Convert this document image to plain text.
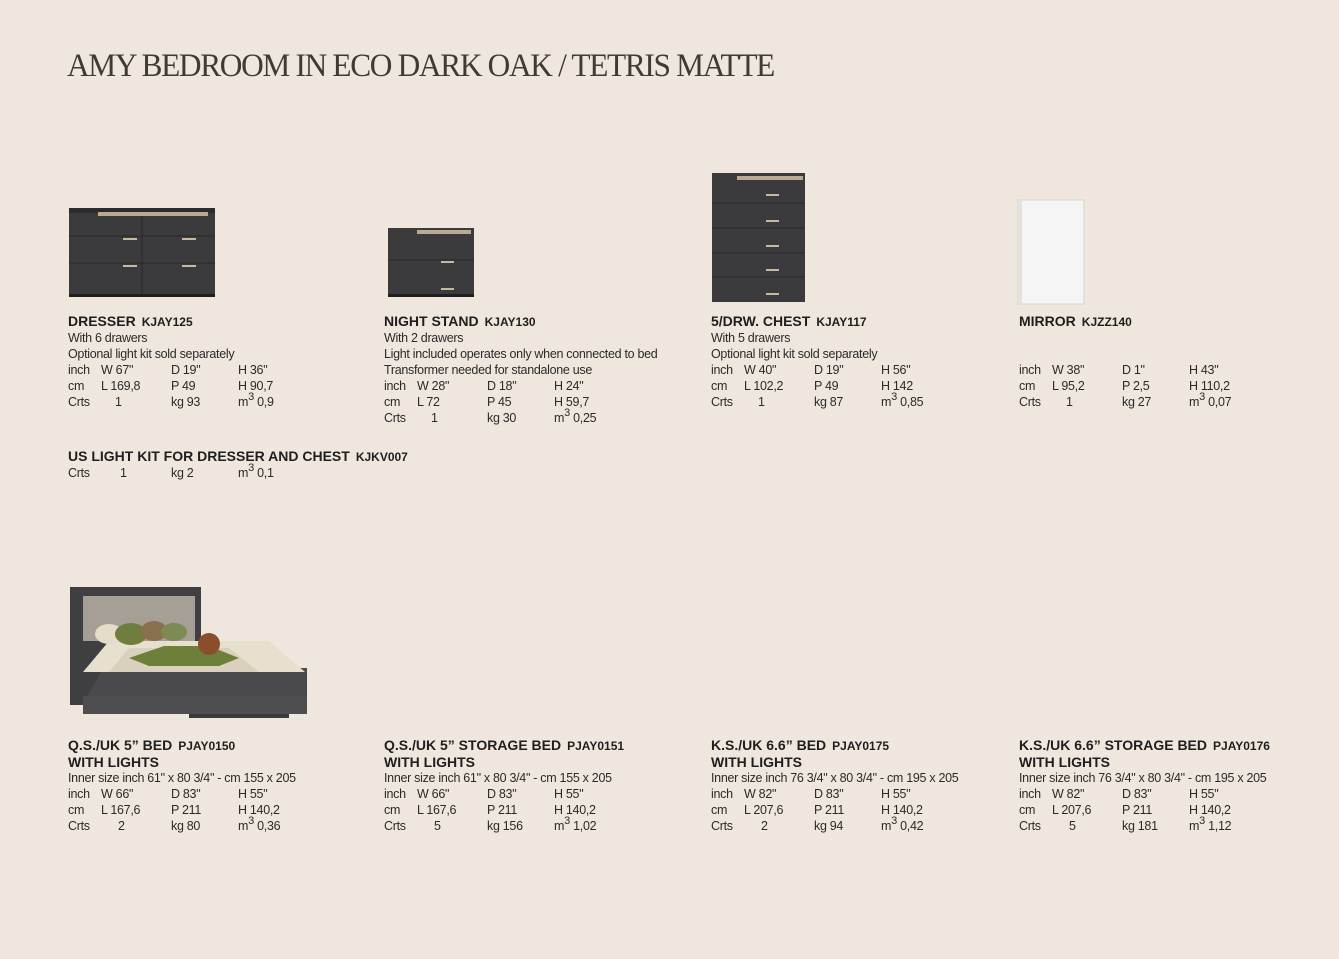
AMY BEDROOM IN ECO DARK OAK / TETRIS MATTE
DRESSER KJAY125
With 6 drawers
Optional light kit sold separately
inch W 67"	D 19"	H 36"
cm L 169,8 P 49	H 90,7
Crts 1	kg 93	$m^3$ 0,9
NIGHT STAND KJAY130
With 2 drawers
Light included operates only when connected to bed
Transformer needed for standalone use
inch W 28"	D 18"	H 24"
cm L 72	P 45	H 59,7
Crts 1	kg 30	$m^3$ 0,25
5/DRW. CHEST KJAY117
With 5 drawers
Optional light kit sold separately
inch W 40"	D 19"	H 56"
cm L 102,2 P 49	H 142
Crts 1	kg 87	$m^3$ 0,85
MIRROR KJZZ140
inch W 38"	D 1"	H 43"
cm L 95,2	P 2,5	H 110,2
Crts 1	kg 27	$m^3$ 0,07
US LIGHT KIT FOR DRESSER AND CHEST KJKV007
Crts 1	kg 2	$m^3$ 0,1
Q.S./UK 5” BED PJAY0150
WITH LIGHTS
Inner size inch 61" x 80 3/4" - cm 155 x 205
inch W 66"	D 83"	H 55"
cm L 167,6 P 211	H 140,2
Crts 2	kg 80	$m^3$ 0,36
Q.S./UK 5” STORAGE BED PJAY0151
WITH LIGHTS
Inner size inch 61" x 80 3/4" - cm 155 x 205
inch W 66"	D 83"	H 55"
cm L 167,6 P 211	H 140,2
Crts 5	kg 156	$m^3$ 1,02
K.S./UK 6.6” BED PJAY0175
WITH LIGHTS
Inner size inch 76 3/4" x 80 3/4" - cm 195 x 205
inch W 82"	D 83"	H 55"
cm L 207,6 P 211	H 140,2
Crts 2	kg 94	$m^3$ 0,42
K.S./UK 6.6” STORAGE BED PJAY0176
WITH LIGHTS
Inner size inch 76 3/4" x 80 3/4" - cm 195 x 205
inch W 82"	D 83"	H 55"
cm L 207,6 P 211	H 140,2
Crts 5	kg 181	$m^3$ 1,12
